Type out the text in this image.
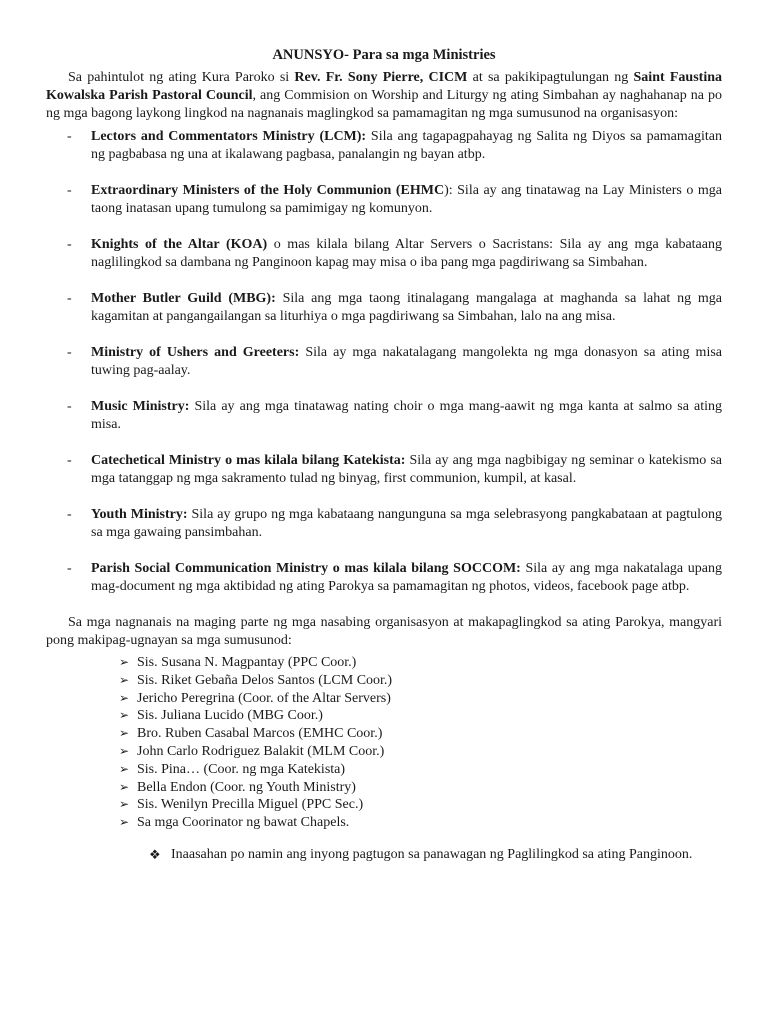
ANUNSYO- Para sa mga Ministries

Sa pahintulot ng ating Kura Paroko si Rev. Fr. Sony Pierre, CICM at sa pakikipagtulungan ng Saint Faustina Kowalska Parish Pastoral Council, ang Commision on Worship and Liturgy ng ating Simbahan ay naghahanap na po ng mga bagong laykong lingkod na nagnanais maglingkod sa pamamagitan ng mga sumusunod na organisasyon:

- Lectors and Commentators Ministry (LCM): Sila ang tagapagpahayag ng Salita ng Diyos sa pamamagitan ng pagbabasa ng una at ikalawang pagbasa, panalangin ng bayan atbp.
- Extraordinary Ministers of the Holy Communion (EHMC): Sila ay ang tinatawag na Lay Ministers o mga taong inatasan upang tumulong sa pamimigay ng komunyon.
- Knights of the Altar (KOA) o mas kilala bilang Altar Servers o Sacristans: Sila ay ang mga kabataang naglilingkod sa dambana ng Panginoon kapag may misa o iba pang mga pagdiriwang sa Simbahan.
- Mother Butler Guild (MBG): Sila ang mga taong itinalagang mangalaga at maghanda sa lahat ng mga kagamitan at pangangailangan sa liturhiya o mga pagdiriwang sa Simbahan, lalo na ang misa.
- Ministry of Ushers and Greeters: Sila ay mga nakatalagang mangolekta ng mga donasyon sa ating misa tuwing pag-aalay.
- Music Ministry: Sila ay ang mga tinatawag nating choir o mga mang-aawit ng mga kanta at salmo sa ating misa.
- Catechetical Ministry o mas kilala bilang Katekista: Sila ay ang mga nagbibigay ng seminar o katekismo sa mga tatanggap ng mga sakramento tulad ng binyag, first communion, kumpil, at kasal.
- Youth Ministry: Sila ay grupo ng mga kabataang nangunguna sa mga selebrasyong pangkabataan at pagtulong sa mga gawaing pansimbahan.
- Parish Social Communication Ministry o mas kilala bilang SOCCOM: Sila ay ang mga nakatalaga upang mag-document ng mga aktibidad ng ating Parokya sa pamamagitan ng photos, videos, facebook page atbp.

Sa mga nagnanais na maging parte ng mga nasabing organisasyon at makapaglingkod sa ating Parokya, mangyari pong makipag-ugnayan sa mga sumusunod:

➢ Sis. Susana N. Magpantay (PPC Coor.)
➢ Sis. Riket Gebaña Delos Santos (LCM Coor.)
➢ Jericho Peregrina (Coor. of the Altar Servers)
➢ Sis. Juliana Lucido (MBG Coor.)
➢ Bro. Ruben Casabal Marcos (EMHC Coor.)
➢ John Carlo Rodriguez Balakit (MLM Coor.)
➢ Sis. Pina… (Coor. ng mga Katekista)
➢ Bella Endon (Coor. ng Youth Ministry)
➢ Sis. Wenilyn Precilla Miguel (PPC Sec.)
➢ Sa mga Coorinator ng bawat Chapels.
❖ Inaasahan po namin ang inyong pagtugon sa panawagan ng Paglilingkod sa ating Panginoon.
